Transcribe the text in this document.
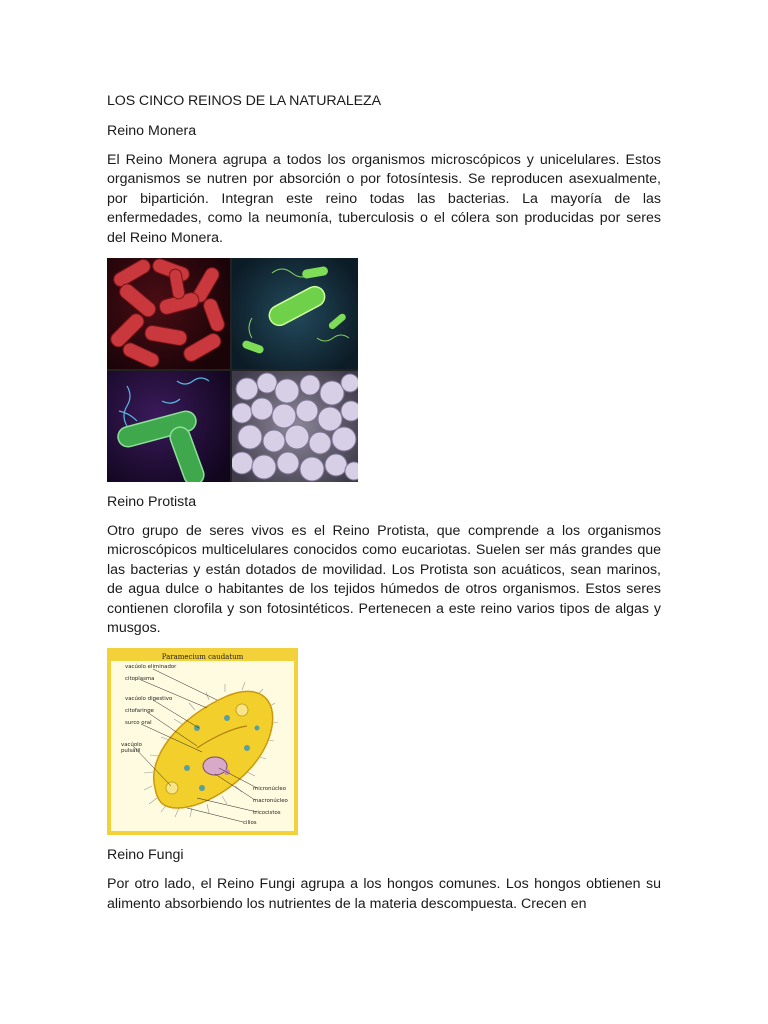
LOS CINCO REINOS DE LA NATURALEZA

Reino Monera

El Reino Monera agrupa a todos los organismos microscópicos y unicelulares. Estos organismos se nutren por absorción o por fotosíntesis. Se reproducen asexualmente, por bipartición. Integran este reino todas las bacterias. La mayoría de las enfermedades, como la neumonía, tuberculosis o el cólera son producidas por seres del Reino Monera.

Reino Protista

Otro grupo de seres vivos es el Reino Protista, que comprende a los organismos microscópicos multicelulares conocidos como eucariotas. Suelen ser más grandes que las bacterias y están dotados de movilidad. Los Protista son acuáticos, sean marinos, de agua dulce o habitantes de los tejidos húmedos de otros organismos. Estos seres contienen clorofila y son fotosintéticos. Pertenecen a este reino varios tipos de algas y musgos.

Paramecium caudatum
vacúolo eliminador
citoplasma
vacúolo digestivo
citofaringe
surco oral
vacúolo pulsátil
micronúcleo
macronúcleo
tricocistos
cilios

Reino Fungi

Por otro lado, el Reino Fungi agrupa a los hongos comunes. Los hongos obtienen su alimento absorbiendo los nutrientes de la materia descompuesta. Crecen en
